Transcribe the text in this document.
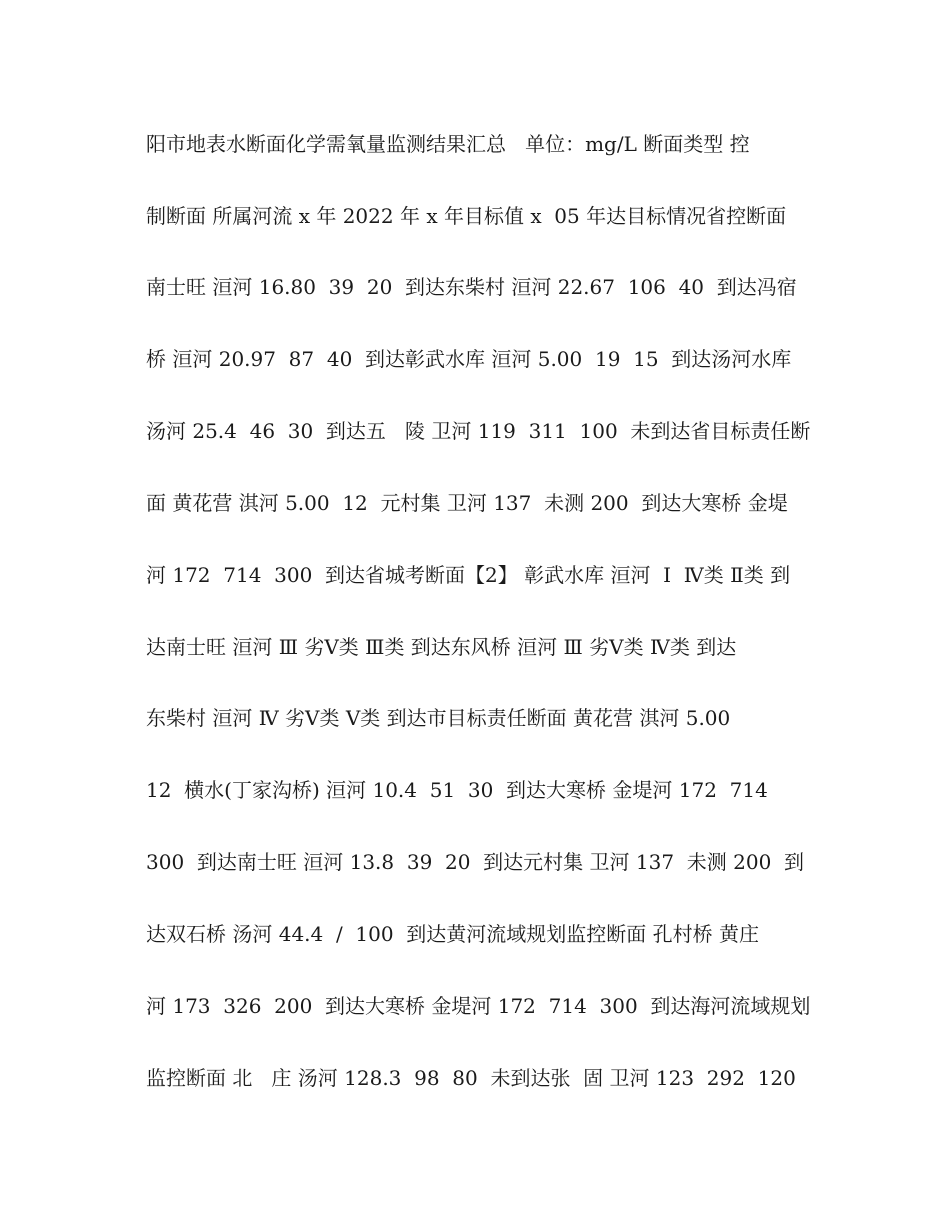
阳市地表水断面化学需氧量监测结果汇总   单位：mg/L 断面类型 控
制断面 所属河流 x 年 2022 年 x 年目标值 x  05 年达目标情况省控断面
南士旺 洹河 16.80  39  20  到达东柴村 洹河 22.67  106  40  到达冯宿
桥 洹河 20.97  87  40  到达彰武水库 洹河 5.00  19  15  到达汤河水库
汤河 25.4  46  30  到达五   陵 卫河 119  311  100  未到达省目标责任断
面 黄花营 淇河 5.00  12  元村集 卫河 137  未测 200  到达大寒桥 金堤
河 172  714  300  到达省城考断面【2】 彰武水库 洹河  Ⅰ  Ⅳ类 Ⅱ类 到
达南士旺 洹河 Ⅲ 劣Ⅴ类 Ⅲ类 到达东风桥 洹河 Ⅲ 劣Ⅴ类 Ⅳ类 到达
东柴村 洹河 Ⅳ 劣Ⅴ类 Ⅴ类 到达市目标责任断面 黄花营 淇河 5.00
12  横水(丁家沟桥) 洹河 10.4  51  30  到达大寒桥 金堤河 172  714
300  到达南士旺 洹河 13.8  39  20  到达元村集 卫河 137  未测 200  到
达双石桥 汤河 44.4  /  100  到达黄河流域规划监控断面 孔村桥 黄庄
河 173  326  200  到达大寒桥 金堤河 172  714  300  到达海河流域规划
监控断面 北   庄 汤河 128.3  98  80  未到达张  固 卫河 123  292  120
